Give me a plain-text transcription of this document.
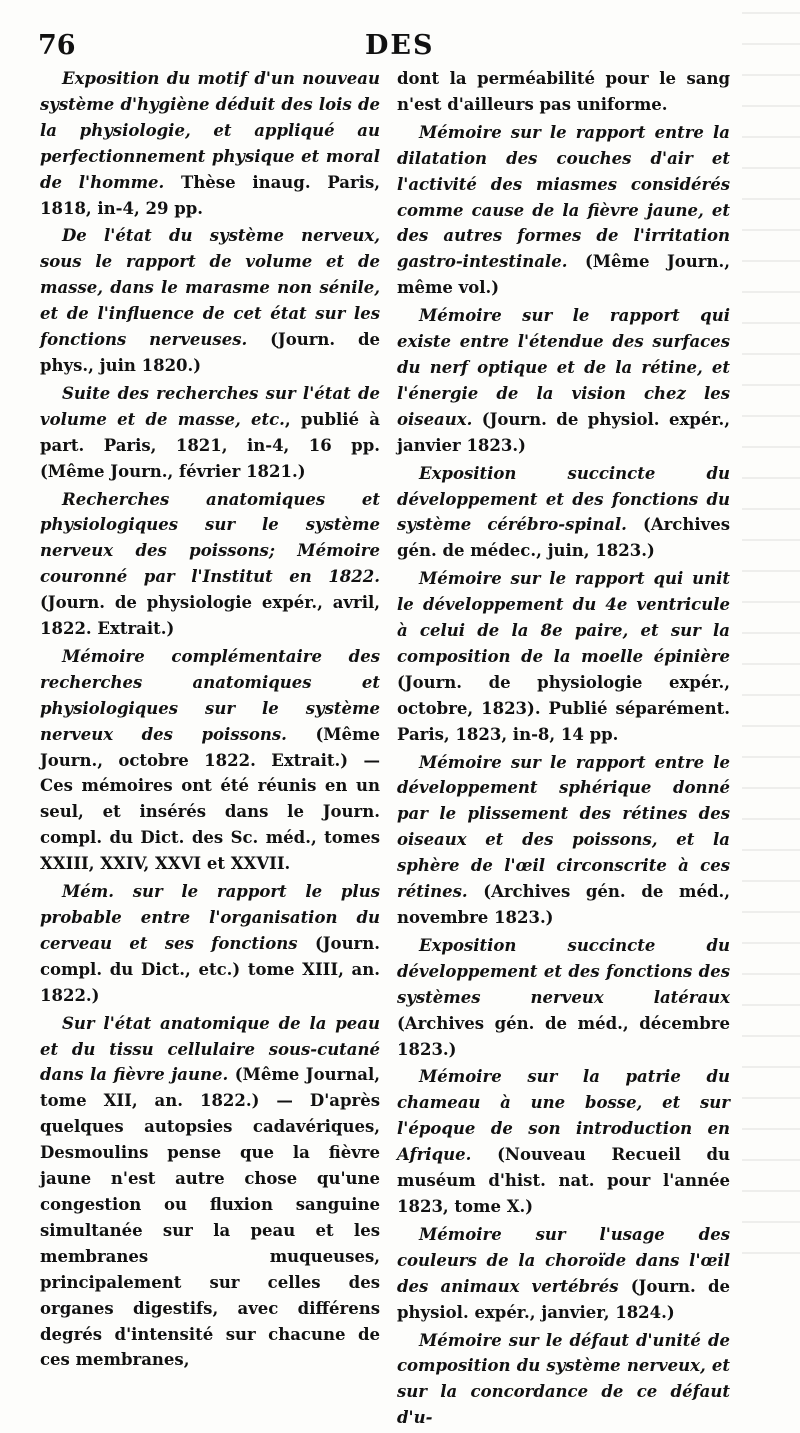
76	DES

Exposition du motif d'un nouveau système d'hygiène déduit des lois de la physiologie, et appliqué au perfectionnement physique et moral de l'homme. Thèse inaug. Paris, 1818, in-4, 29 pp.

De l'état du système nerveux, sous le rapport de volume et de masse, dans le marasme non sénile, et de l'influence de cet état sur les fonctions nerveuses. (Journ. de phys., juin 1820.)

Suite des recherches sur l'état de volume et de masse, etc., publié à part. Paris, 1821, in-4, 16 pp. (Même Journ., février 1821.)

Recherches anatomiques et physiologiques sur le système nerveux des poissons; Mémoire couronné par l'Institut en 1822. (Journ. de physiologie expér., avril, 1822. Extrait.)

Mémoire complémentaire des recherches anatomiques et physiologiques sur le système nerveux des poissons. (Même Journ., octobre 1822. Extrait.) — Ces mémoires ont été réunis en un seul, et insérés dans le Journ. compl. du Dict. des Sc. méd., tomes XXIII, XXIV, XXVI et XXVII.

Mém. sur le rapport le plus probable entre l'organisation du cerveau et ses fonctions (Journ. compl. du Dict., etc.) tome XIII, an. 1822.)

Sur l'état anatomique de la peau et du tissu cellulaire sous-cutané dans la fièvre jaune. (Même Journal, tome XII, an. 1822.) — D'après quelques autopsies cadavériques, Desmoulins pense que la fièvre jaune n'est autre chose qu'une congestion ou fluxion sanguine simultanée sur la peau et les membranes muqueuses, principalement sur celles des organes digestifs, avec différens degrés d'intensité sur chacune de ces membranes,

dont la perméabilité pour le sang n'est d'ailleurs pas uniforme.

Mémoire sur le rapport entre la dilatation des couches d'air et l'activité des miasmes considérés comme cause de la fièvre jaune, et des autres formes de l'irritation gastro-intestinale. (Même Journ., même vol.)

Mémoire sur le rapport qui existe entre l'étendue des surfaces du nerf optique et de la rétine, et l'énergie de la vision chez les oiseaux. (Journ. de physiol. expér., janvier 1823.)

Exposition succincte du développement et des fonctions du système cérébro-spinal. (Archives gén. de médec., juin, 1823.)

Mémoire sur le rapport qui unit le développement du 4e ventricule à celui de la 8e paire, et sur la composition de la moelle épinière (Journ. de physiologie expér., octobre, 1823). Publié séparément. Paris, 1823, in-8, 14 pp.

Mémoire sur le rapport entre le développement sphérique donné par le plissement des rétines des oiseaux et des poissons, et la sphère de l'œil circonscrite à ces rétines. (Archives gén. de méd., novembre 1823.)

Exposition succincte du développement et des fonctions des systèmes nerveux latéraux (Archives gén. de méd., décembre 1823.)

Mémoire sur la patrie du chameau à une bosse, et sur l'époque de son introduction en Afrique. (Nouveau Recueil du muséum d'hist. nat. pour l'année 1823, tome X.)

Mémoire sur l'usage des couleurs de la choroïde dans l'œil des animaux vertébrés (Journ. de physiol. expér., janvier, 1824.)

Mémoire sur le défaut d'unité de composition du système nerveux, et sur la concordance de ce défaut d'u-
